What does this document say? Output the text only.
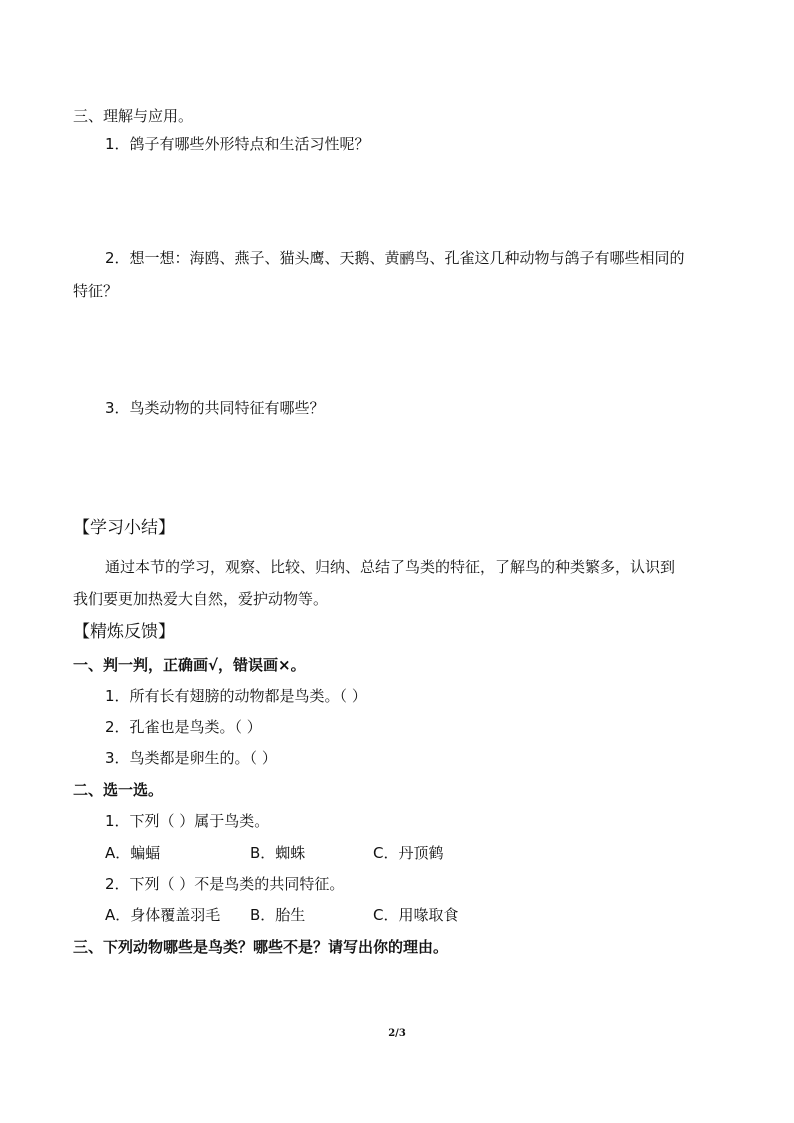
三、理解与应用。
1．鸽子有哪些外形特点和生活习性呢？
2．想一想：海鸥、燕子、猫头鹰、天鹅、黄鹂鸟、孔雀这几种动物与鸽子有哪些相同的
特征？
3．鸟类动物的共同特征有哪些？
【学习小结】
通过本节的学习，观察、比较、归纳、总结了鸟类的特征，了解鸟的种类繁多，认识到
我们要更加热爱大自然，爱护动物等。
【精炼反馈】
一、判一判，正确画√，错误画×。
1．所有长有翅膀的动物都是鸟类。（ ）
2．孔雀也是鸟类。（ ）
3．鸟类都是卵生的。（ ）
二、选一选。
1．下列（ ）属于鸟类。
A．蝙蝠	B．蜘蛛	C．丹顶鹤
2．下列（ ）不是鸟类的共同特征。
A．身体覆盖羽毛 B．胎生	C．用喙取食
三、下列动物哪些是鸟类？哪些不是？请写出你的理由。
2/3
